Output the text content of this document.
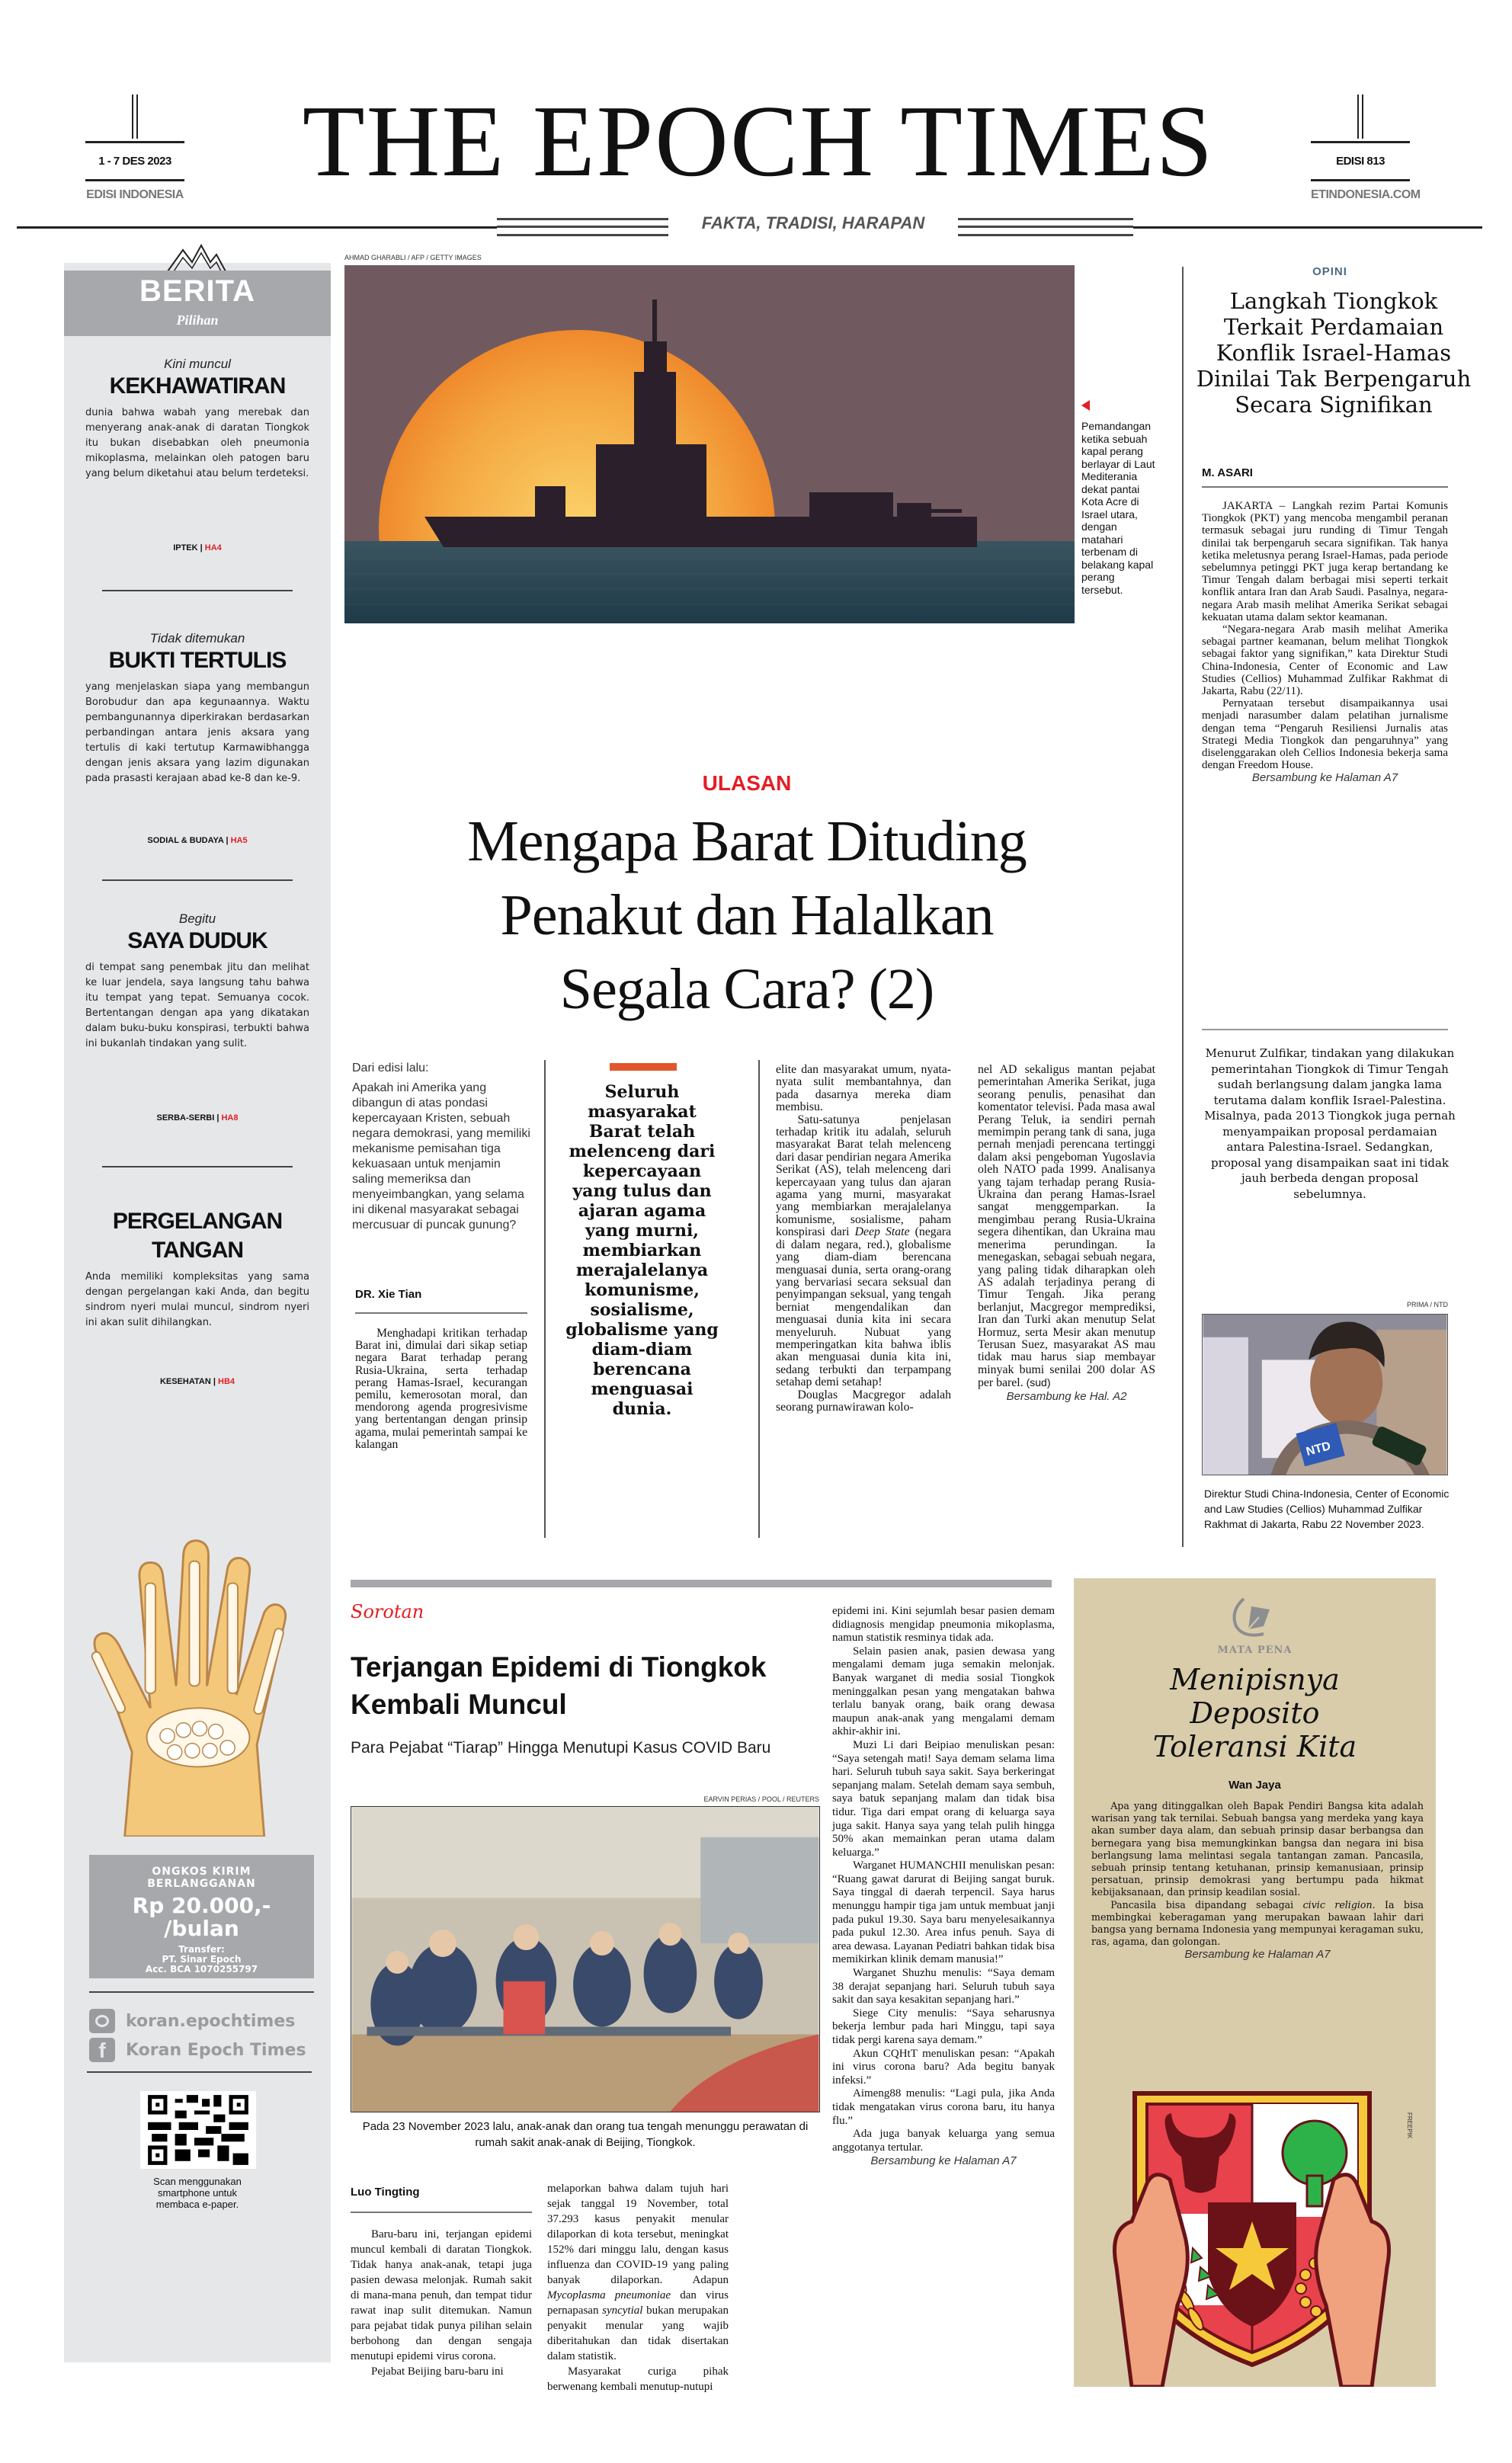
1 - 7 DES 2023
EDISI INDONESIA	THE EPOCH TIMES	EDISI 813
ETINDONESIA.COM
FAKTA, TRADISI, HARAPAN
BERITA
Pilihan
Kini muncul
KEKHAWATIRAN
dunia bahwa wabah yang merebak dan menyerang anak-anak di daratan Tiongkok itu bukan disebabkan oleh pneumonia mikoplasma, melainkan oleh patogen baru yang belum diketahui atau belum terdeteksi.
IPTEK | HA4
Tidak ditemukan
BUKTI TERTULIS
yang menjelaskan siapa yang membangun Borobudur dan apa kegunaannya. Waktu pembangunannya diperkirakan berdasarkan perbandingan antara jenis aksara yang tertulis di kaki tertutup Karmawibhangga dengan jenis aksara yang lazim digunakan pada prasasti kerajaan abad ke-8 dan ke-9.
SODIAL & BUDAYA | HA5
Begitu
SAYA DUDUK
di tempat sang penembak jitu dan melihat ke luar jendela, saya langsung tahu bahwa itu tempat yang tepat. Semuanya cocok. Bertentangan dengan apa yang dikatakan dalam buku-buku konspirasi, terbukti bahwa ini bukanlah tindakan yang sulit.
SERBA-SERBI | HA8
PERGELANGAN TANGAN
Anda memiliki kompleksitas yang sama dengan pergelangan kaki Anda, dan begitu sindrom nyeri mulai muncul, sindrom nyeri ini akan sulit dihilangkan.
KESEHATAN | HB4
ONGKOS KIRIM
BERLANGGANAN
Rp 20.000,-
/bulan
Transfer:
PT. Sinar Epoch
Acc. BCA 1070255797
koran.epochtimes
f	Koran Epoch Times
Scan menggunakan
smartphone untuk
membaca e-paper.
AHMAD GHARABLI / AFP / GETTY IMAGES
Pemandangan ketika sebuah kapal perang berlayar di Laut Mediterania dekat pantai Kota Acre di Israel utara, dengan matahari terbenam di belakang kapal perang tersebut.
ULASAN
Mengapa Barat Dituding
Penakut dan Halalkan
Segala Cara? (2)
Dari edisi lalu:
Apakah ini Amerika yang dibangun di atas pondasi kepercayaan Kristen, sebuah negara demokrasi, yang memiliki mekanisme pemisahan tiga kekuasaan untuk menjamin saling memeriksa dan menyeimbangkan, yang selama ini dikenal masyarakat sebagai mercusuar di puncak gunung?
DR. Xie Tian

Menghadapi kritikan terhadap Barat ini, dimulai dari sikap setiap negara Barat terhadap perang Rusia-Ukraina, serta terhadap perang Hamas-Israel, kecurangan pemilu, kemerosotan moral, dan mendorong agenda progresivisme yang bertentangan dengan prinsip agama, mulai pemerintah sampai ke kalangan

Seluruh masyarakat Barat telah melenceng dari kepercayaan yang tulus dan ajaran agama yang murni, membiarkan merajalelanya komunisme, sosialisme, globalisme yang diam-diam berencana menguasai dunia.

elite dan masyarakat umum, nyata-nyata sulit membantahnya, dan pada dasarnya mereka diam membisu.

Satu-satunya penjelasan terhadap kritik itu adalah, seluruh masyarakat Barat telah melenceng dari dasar pendirian negara Amerika Serikat (AS), telah melenceng dari kepercayaan yang tulus dan ajaran agama yang murni, masyarakat yang membiarkan merajalelanya komunisme, sosialisme, paham konspirasi dari Deep State (negara di dalam negara, red.), globalisme yang diam-diam berencana menguasai dunia, serta orang-orang yang bervariasi secara seksual dan penyimpangan seksual, yang tengah berniat mengendalikan dan menguasai dunia kita ini secara menyeluruh. Nubuat yang memperingatkan kita bahwa iblis akan menguasai dunia kita ini, sedang terbukti dan terpampang setahap demi setahap!

Douglas Macgregor adalah seorang purnawirawan kolo-

nel AD sekaligus mantan pejabat pemerintahan Amerika Serikat, juga seorang penulis, penasihat dan komentator televisi. Pada masa awal Perang Teluk, ia sendiri pernah memimpin perang tank di sana, juga pernah menjadi perencana tertinggi dalam aksi pengeboman Yugoslavia oleh NATO pada 1999. Analisanya yang tajam terhadap perang Rusia-Ukraina dan perang Hamas-Israel sangat menggemparkan. Ia mengimbau perang Rusia-Ukraina segera dihentikan, dan Ukraina mau menerima perundingan. Ia menegaskan, sebagai sebuah negara, yang paling tidak diharapkan oleh AS adalah terjadinya perang di Timur Tengah. Jika perang berlanjut, Macgregor memprediksi, Iran dan Turki akan menutup Selat Hormuz, serta Mesir akan menutup Terusan Suez, masyarakat AS mau tidak mau harus siap membayar minyak bumi senilai 200 dolar AS per barel. (sud)

Bersambung ke Hal. A2
OPINI
Langkah Tiongkok Terkait Perdamaian Konflik Israel-Hamas Dinilai Tak Berpengaruh Secara Signifikan
M. ASARI

JAKARTA – Langkah rezim Partai Komunis Tiongkok (PKT) yang mencoba mengambil peranan termasuk sebagai juru runding di Timur Tengah dinilai tak berpengaruh secara signifikan. Tak hanya ketika meletusnya perang Israel-Hamas, pada periode sebelumnya petinggi PKT juga kerap bertandang ke Timur Tengah dalam berbagai misi seperti terkait konflik antara Iran dan Arab Saudi. Pasalnya, negara-negara Arab masih melihat Amerika Serikat sebagai kekuatan utama dalam sektor keamanan.

“Negara-negara Arab masih melihat Amerika sebagai partner keamanan, belum melihat Tiongkok sebagai faktor yang signifikan,” kata Direktur Studi China-Indonesia, Center of Economic and Law Studies (Cellios) Muhammad Zulfikar Rakhmat di Jakarta, Rabu (22/11).

Pernyataan tersebut disampaikannya usai menjadi narasumber dalam pelatihan jurnalisme dengan tema “Pengaruh Resiliensi Jurnalis atas Strategi Media Tiongkok dan pengaruhnya” yang diselenggarakan oleh Cellios Indonesia bekerja sama dengan Freedom House.

Bersambung ke Halaman A7
Menurut Zulfikar, tindakan yang dilakukan pemerintahan Tiongkok di Timur Tengah sudah berlangsung dalam jangka lama terutama dalam konflik Israel-Palestina. Misalnya, pada 2013 Tiongkok juga pernah menyampaikan proposal perdamaian antara Palestina-Israel. Sedangkan, proposal yang disampaikan saat ini tidak jauh berbeda dengan proposal sebelumnya.
PRIMA / NTD
NTD
Direktur Studi China-Indonesia, Center of Economic and Law Studies (Cellios) Muhammad Zulfikar Rakhmat di Jakarta, Rabu 22 November 2023.
Sorotan
Terjangan Epidemi di Tiongkok Kembali Muncul
Para Pejabat “Tiarap” Hingga Menutupi Kasus COVID Baru
EARVIN PERIAS / POOL / REUTERS
Pada 23 November 2023 lalu, anak-anak dan orang tua tengah menunggu perawatan di rumah sakit anak-anak di Beijing, Tiongkok.
Luo Tingting

Baru-baru ini, terjangan epidemi muncul kembali di daratan Tiongkok. Tidak hanya anak-anak, tetapi juga pasien dewasa melonjak. Rumah sakit di mana-mana penuh, dan tempat tidur rawat inap sulit ditemukan. Namun para pejabat tidak punya pilihan selain berbohong dan dengan sengaja menutupi epidemi virus corona.

Pejabat Beijing baru-baru ini

melaporkan bahwa dalam tujuh hari sejak tanggal 19 November, total 37.293 kasus penyakit menular dilaporkan di kota tersebut, meningkat 152% dari minggu lalu, dengan kasus influenza dan COVID-19 yang paling banyak dilaporkan. Adapun Mycoplasma pneumoniae dan virus pernapasan syncytial bukan merupakan penyakit menular yang wajib diberitahukan dan tidak disertakan dalam statistik.

Masyarakat curiga pihak berwenang kembali menutup-nutupi

epidemi ini. Kini sejumlah besar pasien demam didiagnosis mengidap pneumonia mikoplasma, namun statistik resminya tidak ada.

Selain pasien anak, pasien dewasa yang mengalami demam juga semakin melonjak. Banyak warganet di media sosial Tiongkok meninggalkan pesan yang mengatakan bahwa terlalu banyak orang, baik orang dewasa maupun anak-anak yang mengalami demam akhir-akhir ini.

Muzi Li dari Beipiao menuliskan pesan: “Saya setengah mati! Saya demam selama lima hari. Seluruh tubuh saya sakit. Saya berkeringat sepanjang malam. Setelah demam saya sembuh, saya batuk sepanjang malam dan tidak bisa tidur. Tiga dari empat orang di keluarga saya juga sakit. Hanya saya yang telah pulih hingga 50% akan memainkan peran utama dalam keluarga.”

Warganet HUMANCHII menuliskan pesan: “Ruang gawat darurat di Beijing sangat buruk. Saya tinggal di daerah terpencil. Saya harus menunggu hampir tiga jam untuk membuat janji pada pukul 19.30. Saya baru menyelesaikannya pada pukul 12.30. Area infus penuh. Saya di area dewasa. Layanan Pediatri bahkan tidak bisa memikirkan klinik demam manusia!”

Warganet Shuzhu menulis: “Saya demam 38 derajat sepanjang hari. Seluruh tubuh saya sakit dan saya kesakitan sepanjang hari.”

Siege City menulis: “Saya seharusnya bekerja lembur pada hari Minggu, tapi saya tidak pergi karena saya demam.”

Akun CQHtT menuliskan pesan: “Apakah ini virus corona baru? Ada begitu banyak infeksi.”

Aimeng88 menulis: “Lagi pula, jika Anda tidak mengatakan virus corona baru, itu hanya flu.”

Ada juga banyak keluarga yang semua anggotanya tertular.

Bersambung ke Halaman A7
MATA PENA
Menipisnya
Deposito
Toleransi Kita
Wan Jaya

Apa yang ditinggalkan oleh Bapak Pendiri Bangsa kita adalah warisan yang tak ternilai. Sebuah bangsa yang merdeka yang kaya akan sumber daya alam, dan sebuah prinsip dasar berbangsa dan bernegara yang bisa memungkinkan bangsa dan negara ini bisa berlangsung lama melintasi segala tantangan zaman. Pancasila, sebuah prinsip tentang ketuhanan, prinsip kemanusiaan, prinsip persatuan, prinsip demokrasi yang bertumpu pada hikmat kebijaksanaan, dan prinsip keadilan sosial.

Pancasila bisa dipandang sebagai civic religion. Ia bisa membingkai keberagaman yang merupakan bawaan lahir dari bangsa yang bernama Indonesia yang mempunyai keragaman suku, ras, agama, dan golongan.

Bersambung ke Halaman A7
FREEPIK
